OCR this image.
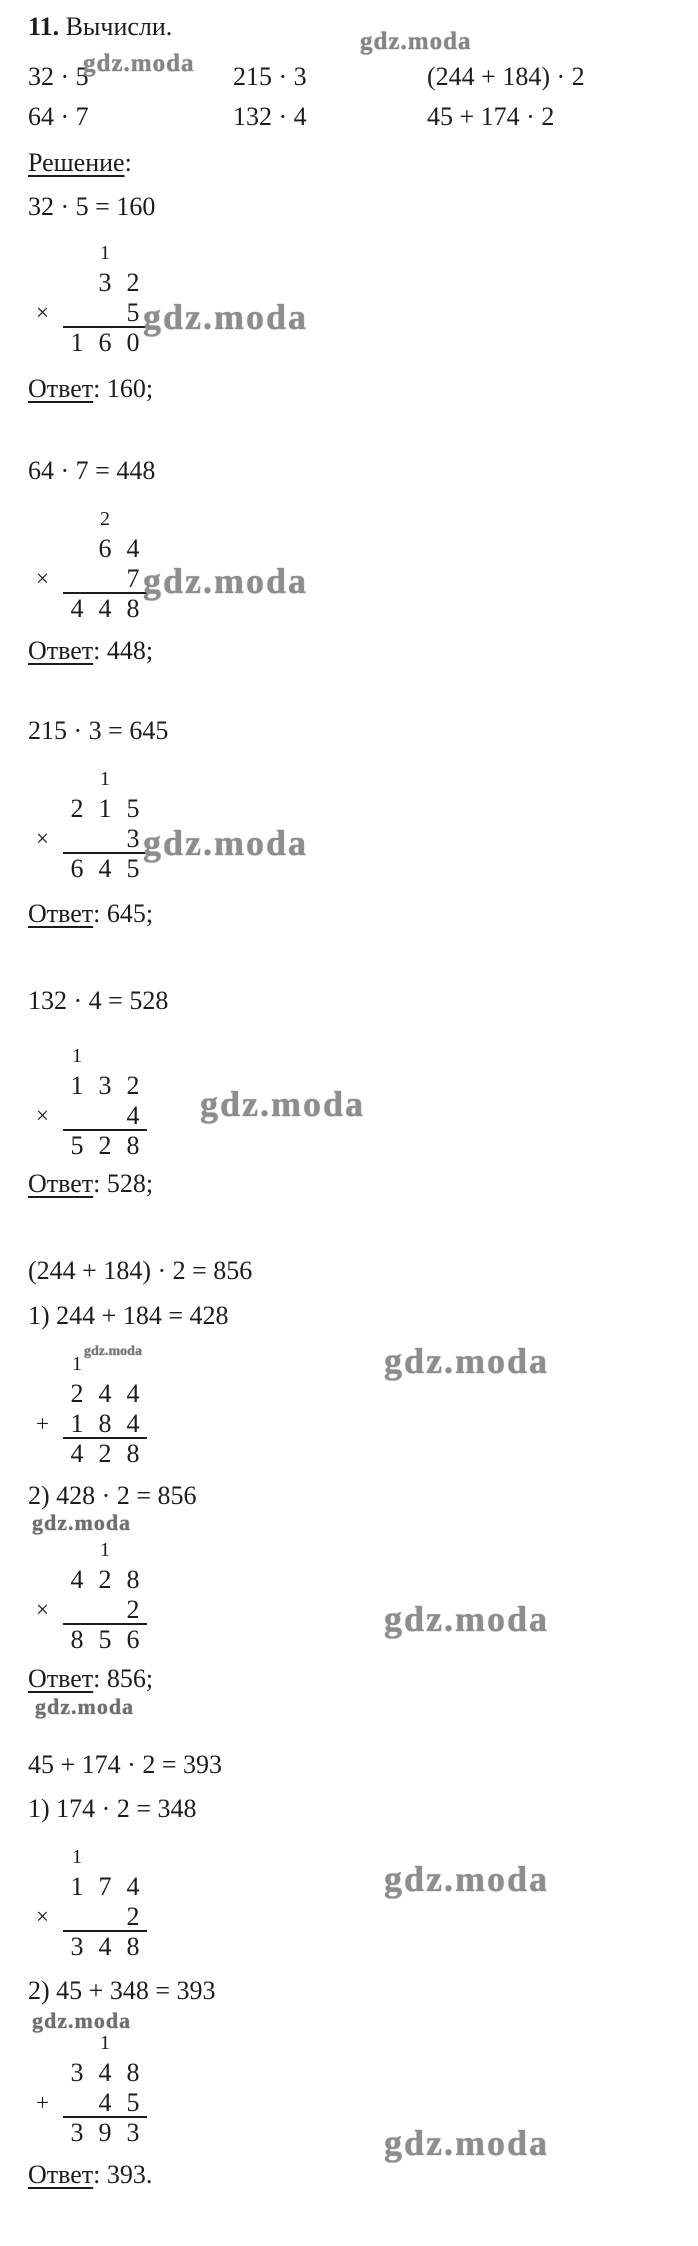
11. Вычисли.
32 · 5	215 · 3	(244 + 184) · 2
64 · 7	132 · 4	45 + 174 · 2
gdz.moda
gdz.moda
Решение:
32 · 5 = 160
×
1
3 2
5
1 6 0
gdz.moda
Ответ: 160;
64 · 7 = 448
×
2
6 4
7
4 4 8
gdz.moda
Ответ: 448;
215 · 3 = 645
×
1
2 1 5
3
6 4 5
gdz.moda
Ответ: 645;
132 · 4 = 528
×
1
1 3 2
4
5 2 8
gdz.moda
Ответ: 528;
(244 + 184) · 2 = 856
1) 244 + 184 = 428
gdz.moda	gdz.moda
+
1
2 4 4
1 8 4
4 2 8
2) 428 · 2 = 856
gdz.moda
×
1
4 2 8
2
8 5 6
gdz.moda
Ответ: 856;
gdz.moda
45 + 174 · 2 = 393
1) 174 · 2 = 348
×
1
1 7 4
2
3 4 8
gdz.moda
2) 45 + 348 = 393
gdz.moda
+
1
3 4 8
4 5
3 9 3	gdz.moda
Ответ: 393.
